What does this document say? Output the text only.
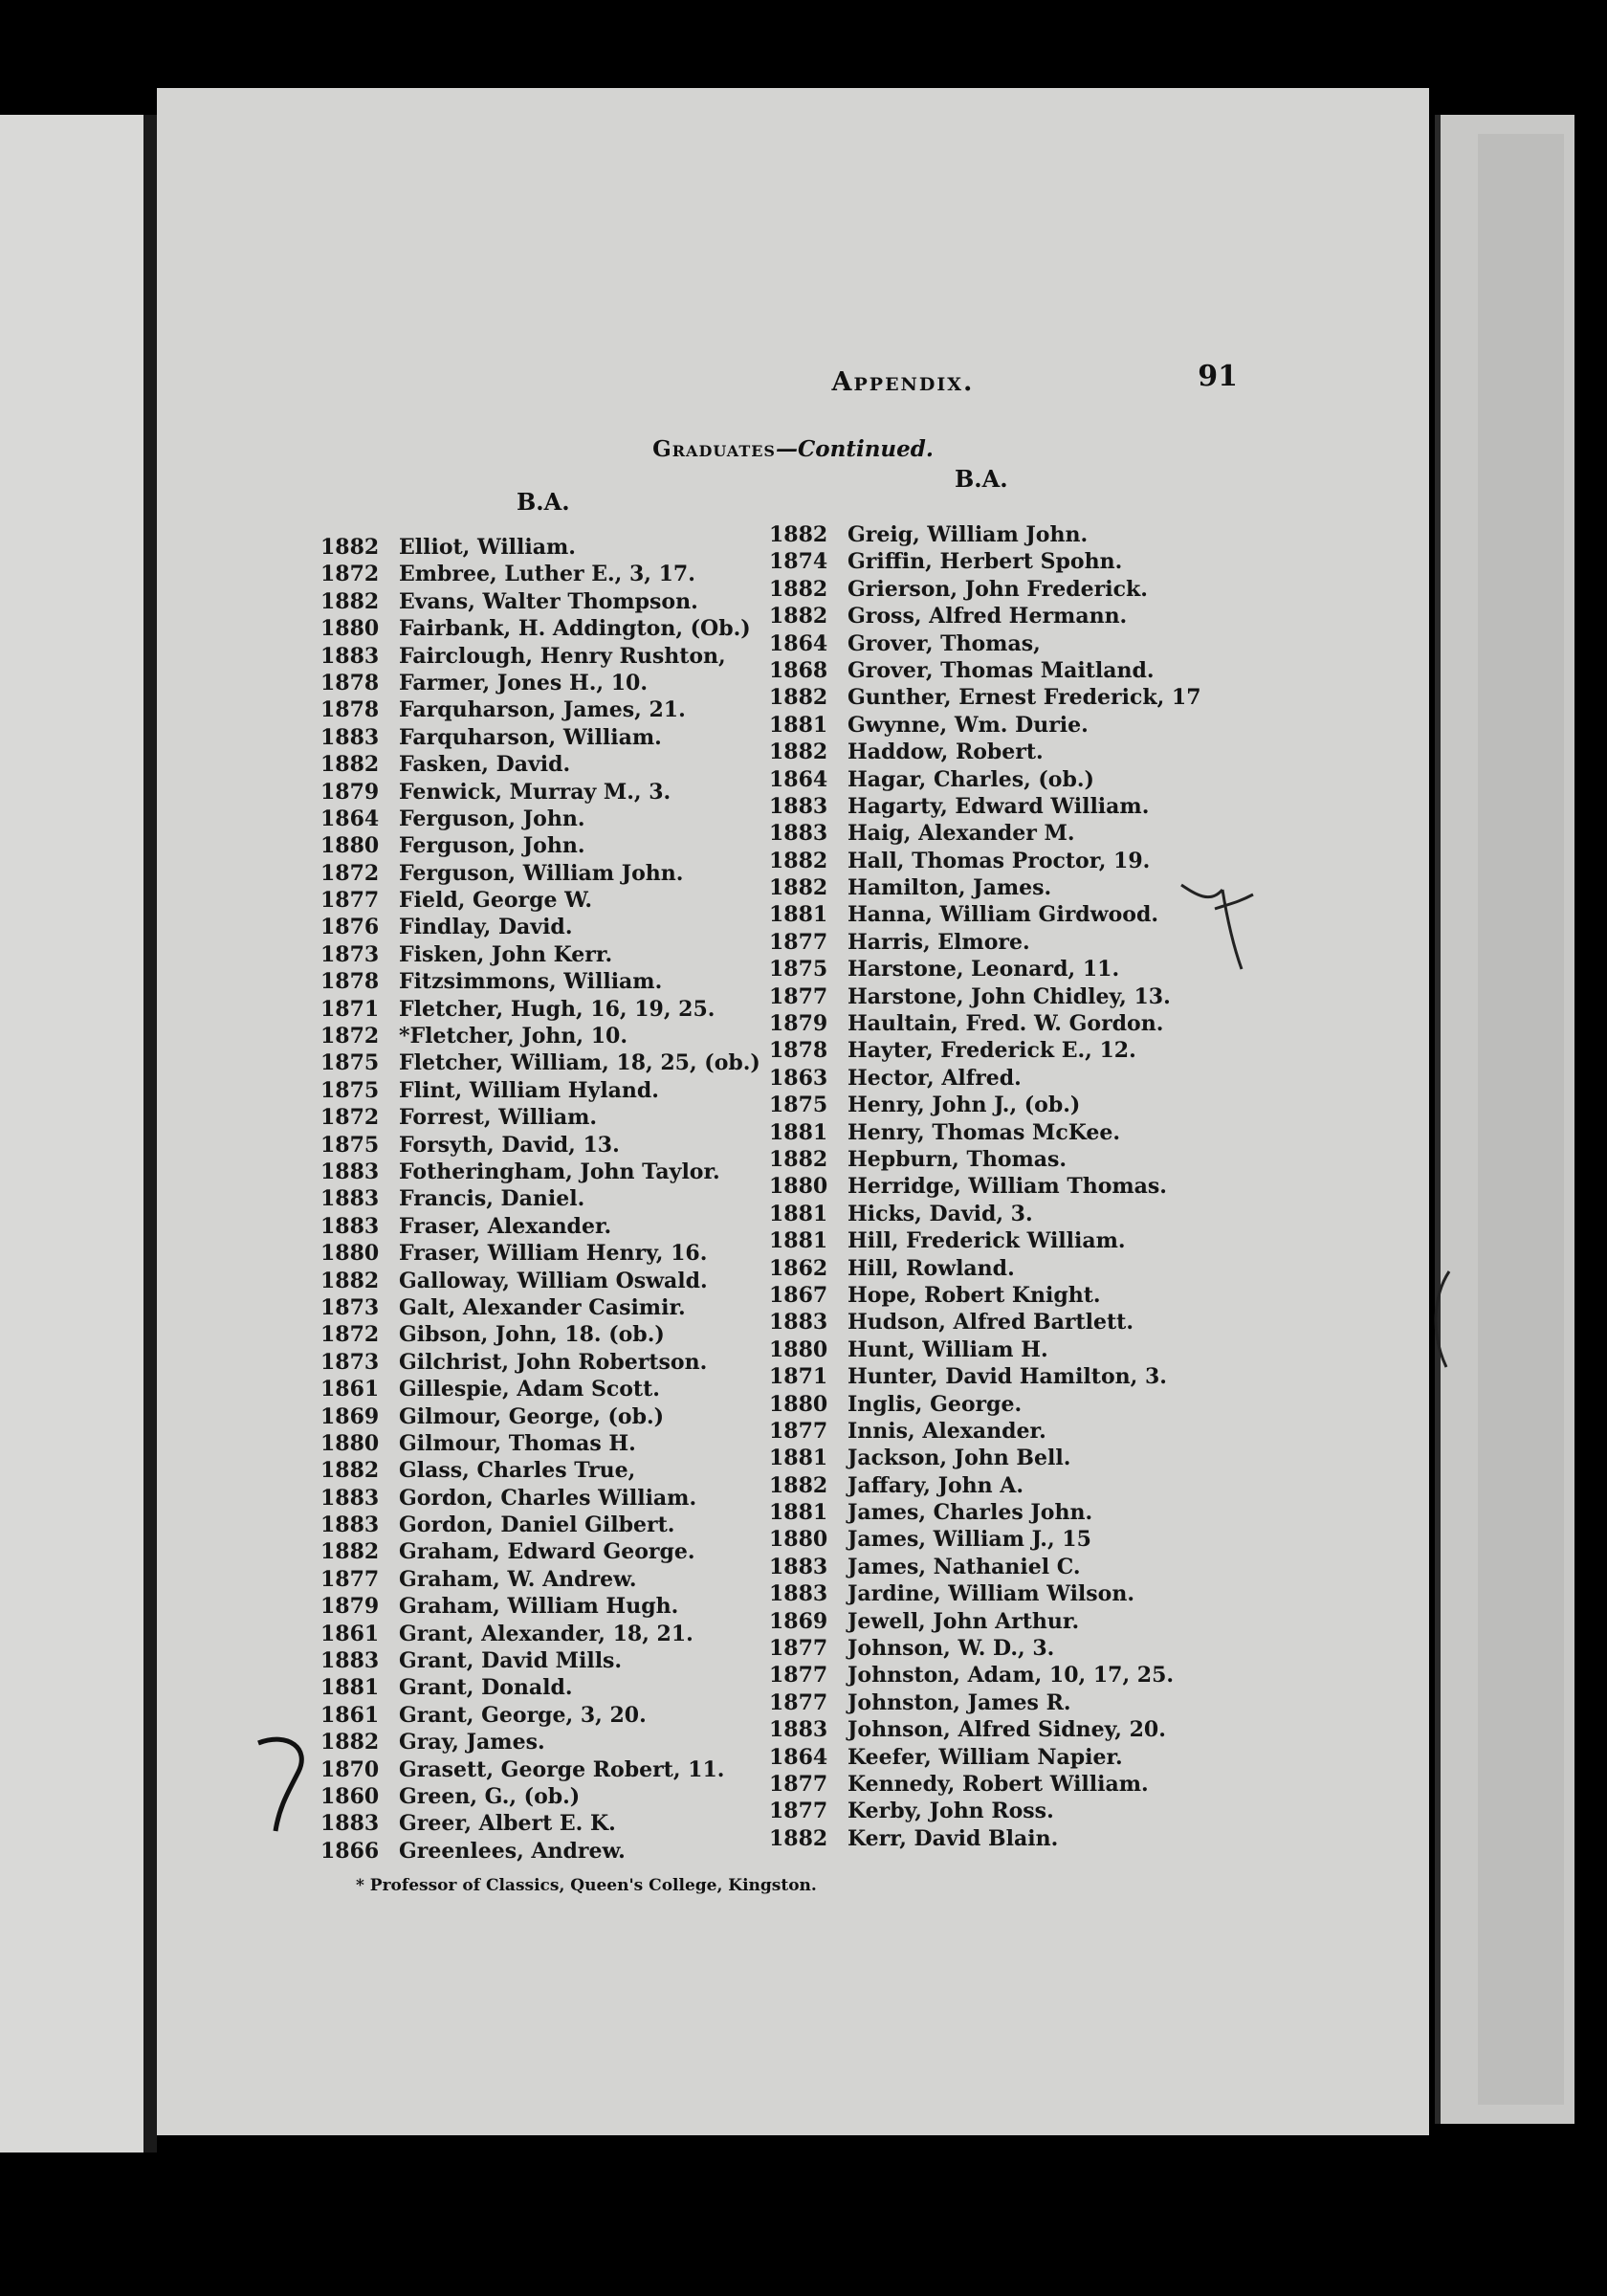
Appendix.	91
Graduates—Continued.
B.A.
B.A.
1882 Elliot, William.
1872 Embree, Luther E., 3, 17.
1882 Evans, Walter Thompson.
1880 Fairbank, H. Addington, (Ob.)
1883 Fairclough, Henry Rushton,
1878 Farmer, Jones H., 10.
1878 Farquharson, James, 21.
1883 Farquharson, William.
1882 Fasken, David.
1879 Fenwick, Murray M., 3.
1864 Ferguson, John.
1880 Ferguson, John.
1872 Ferguson, William John.
1877 Field, George W.
1876 Findlay, David.
1873 Fisken, John Kerr.
1878 Fitzsimmons, William.
1871 Fletcher, Hugh, 16, 19, 25.
1872 *Fletcher, John, 10.
1875 Fletcher, William, 18, 25, (ob.)
1875 Flint, William Hyland.
1872 Forrest, William.
1875 Forsyth, David, 13.
1883 Fotheringham, John Taylor.
1883 Francis, Daniel.
1883 Fraser, Alexander.
1880 Fraser, William Henry, 16.
1882 Galloway, William Oswald.
1873 Galt, Alexander Casimir.
1872 Gibson, John, 18. (ob.)
1873 Gilchrist, John Robertson.
1861 Gillespie, Adam Scott.
1869 Gilmour, George, (ob.)
1880 Gilmour, Thomas H.
1882 Glass, Charles True,
1883 Gordon, Charles William.
1883 Gordon, Daniel Gilbert.
1882 Graham, Edward George.
1877 Graham, W. Andrew.
1879 Graham, William Hugh.
1861 Grant, Alexander, 18, 21.
1883 Grant, David Mills.
1881 Grant, Donald.
1861 Grant, George, 3, 20.
1882 Gray, James.
1870 Grasett, George Robert, 11.
1860 Green, G., (ob.)
1883 Greer, Albert E. K.
1866 Greenlees, Andrew.
1882 Greig, William John.
1874 Griffin, Herbert Spohn.
1882 Grierson, John Frederick.
1882 Gross, Alfred Hermann.
1864 Grover, Thomas,
1868 Grover, Thomas Maitland.
1882 Gunther, Ernest Frederick, 17
1881 Gwynne, Wm. Durie.
1882 Haddow, Robert.
1864 Hagar, Charles, (ob.)
1883 Hagarty, Edward William.
1883 Haig, Alexander M.
1882 Hall, Thomas Proctor, 19.
1882 Hamilton, James.
1881 Hanna, William Girdwood.
1877 Harris, Elmore.
1875 Harstone, Leonard, 11.
1877 Harstone, John Chidley, 13.
1879 Haultain, Fred. W. Gordon.
1878 Hayter, Frederick E., 12.
1863 Hector, Alfred.
1875 Henry, John J., (ob.)
1881 Henry, Thomas McKee.
1882 Hepburn, Thomas.
1880 Herridge, William Thomas.
1881 Hicks, David, 3.
1881 Hill, Frederick William.
1862 Hill, Rowland.
1867 Hope, Robert Knight.
1883 Hudson, Alfred Bartlett.
1880 Hunt, William H.
1871 Hunter, David Hamilton, 3.
1880 Inglis, George.
1877 Innis, Alexander.
1881 Jackson, John Bell.
1882 Jaffary, John A.
1881 James, Charles John.
1880 James, William J., 15
1883 James, Nathaniel C.
1883 Jardine, William Wilson.
1869 Jewell, John Arthur.
1877 Johnson, W. D., 3.
1877 Johnston, Adam, 10, 17, 25.
1877 Johnston, James R.
1883 Johnson, Alfred Sidney, 20.
1864 Keefer, William Napier.
1877 Kennedy, Robert William.
1877 Kerby, John Ross.
1882 Kerr, David Blain.
* Professor of Classics, Queen's College, Kingston.
